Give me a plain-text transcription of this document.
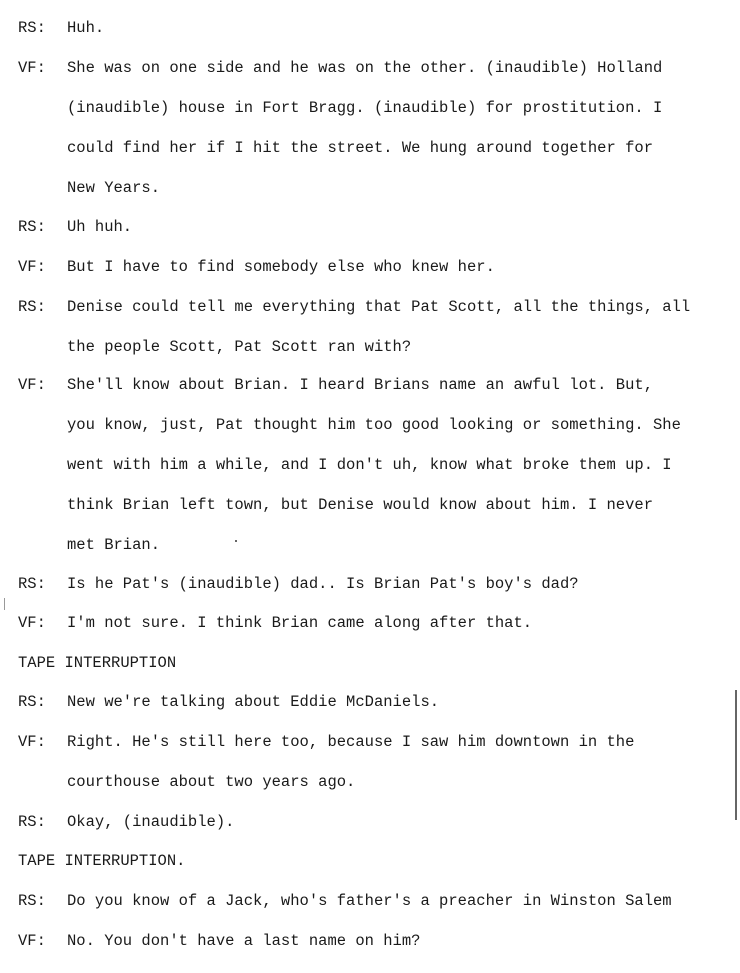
RS: Huh.
VF: She was on one side and he was on the other. (inaudible) Holland
(inaudible) house in Fort Bragg. (inaudible) for prostitution. I
could find her if I hit the street. We hung around together for
New Years.
RS: Uh huh.
VF: But I have to find somebody else who knew her.
RS: Denise could tell me everything that Pat Scott, all the things, all
the people Scott, Pat Scott ran with?
VF: She'll know about Brian. I heard Brians name an awful lot. But,
you know, just, Pat thought him too good looking or something. She
went with him a while, and I don't uh, know what broke them up. I
think Brian left town, but Denise would know about him. I never
met Brian.
RS: Is he Pat's (inaudible) dad.. Is Brian Pat's boy's dad?
VF: I'm not sure. I think Brian came along after that.
TAPE INTERRUPTION
RS: New we're talking about Eddie McDaniels.
VF: Right. He's still here too, because I saw him downtown in the
courthouse about two years ago.
RS: Okay, (inaudible).
TAPE INTERRUPTION.
RS: Do you know of a Jack, who's father's a preacher in Winston Salem
VF: No. You don't have a last name on him?
